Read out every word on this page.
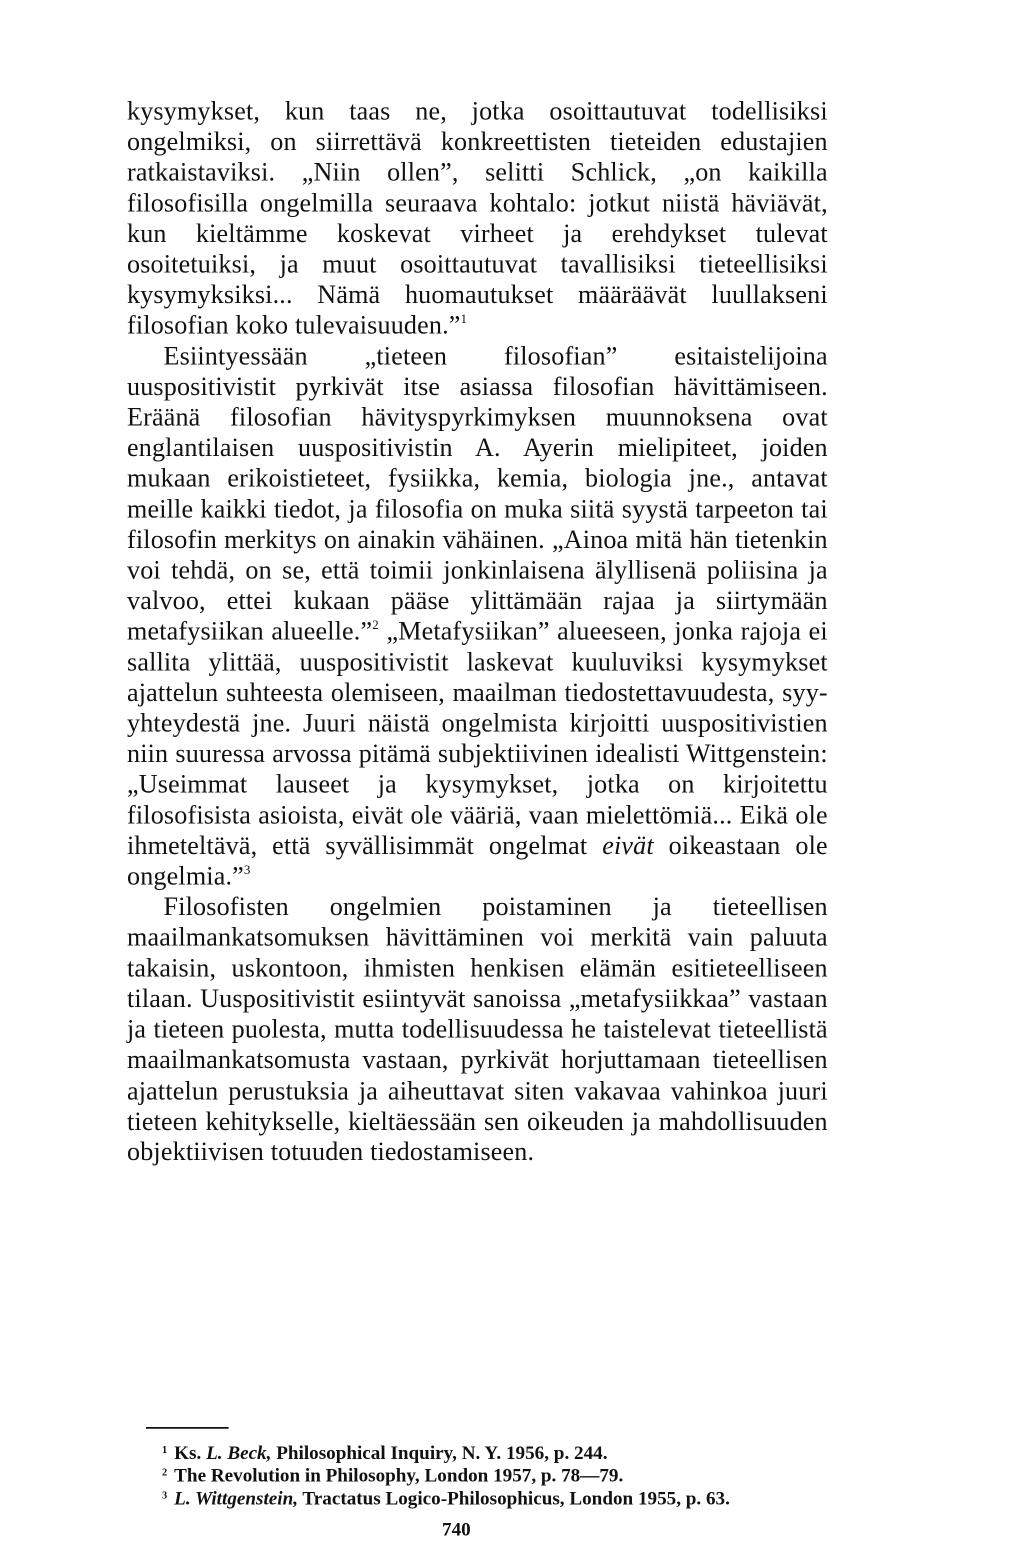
kysymykset, kun taas ne, jotka osoittautuvat todellisiksi ongelmiksi, on siirrettävä konkreettisten tieteiden edustajien ratkaistaviksi. „Niin ollen”, selitti Schlick, „on kaikilla filosofisilla ongelmilla seuraava kohtalo: jotkut niistä häviävät, kun kieltämme koskevat virheet ja erehdykset tulevat osoitetuiksi, ja muut osoittautuvat tavallisiksi tieteellisiksi kysymyksiksi... Nämä huomautukset määräävät luullakseni filosofian koko tulevaisuuden.”$^1$

Esiintyessään „tieteen filosofian” esitaistelijoina uuspositivistit pyrkivät itse asiassa filosofian hävittämiseen. Eräänä filosofian hävityspyrkimyksen muunnoksena ovat englantilaisen uuspositivistin A. Ayerin mielipiteet, joiden mukaan erikoistieteet, fysiikka, kemia, biologia jne., antavat meille kaikki tiedot, ja filosofia on muka siitä syystä tarpeeton tai filosofin merkitys on ainakin vähäinen. „Ainoa mitä hän tietenkin voi tehdä, on se, että toimii jonkinlaisena älyllisenä poliisina ja valvoo, ettei kukaan pääse ylittämään rajaa ja siirtymään metafysiikan alueelle.”$^2$ „Metafysiikan” alueeseen, jonka rajoja ei sallita ylittää, uuspositivistit laskevat kuuluviksi kysymykset ajattelun suhteesta olemiseen, maailman tiedostettavuudesta, syy-yhteydestä jne. Juuri näistä ongelmista kirjoitti uuspositivistien niin suuressa arvossa pitämä subjektiivinen idealisti Wittgenstein: „Useimmat lauseet ja kysymykset, jotka on kirjoitettu filosofisista asioista, eivät ole vääriä, vaan mielettömiä... Eikä ole ihmeteltävä, että syvällisimmät ongelmat eivät oikeastaan ole ongelmia.”$^3$

Filosofisten ongelmien poistaminen ja tieteellisen maailmankatsomuksen hävittäminen voi merkitä vain paluuta takaisin, uskontoon, ihmisten henkisen elämän esitieteelliseen tilaan. Uuspositivistit esiintyvät sanoissa „metafysiikkaa” vastaan ja tieteen puolesta, mutta todellisuudessa he taistelevat tieteellistä maailmankatsomusta vastaan, pyrkivät horjuttamaan tieteellisen ajattelun perustuksia ja aiheuttavat siten vakavaa vahinkoa juuri tieteen kehitykselle, kieltäessään sen oikeuden ja mahdollisuuden objektiivisen totuuden tiedostamiseen.

$^1$ Ks. L. Beck, Philosophical Inquiry, N. Y. 1956, p. 244.
$^2$ The Revolution in Philosophy, London 1957, p. 78—79.
$^3$ L. Wittgenstein, Tractatus Logico-Philosophicus, London 1955, p. 63.
740
